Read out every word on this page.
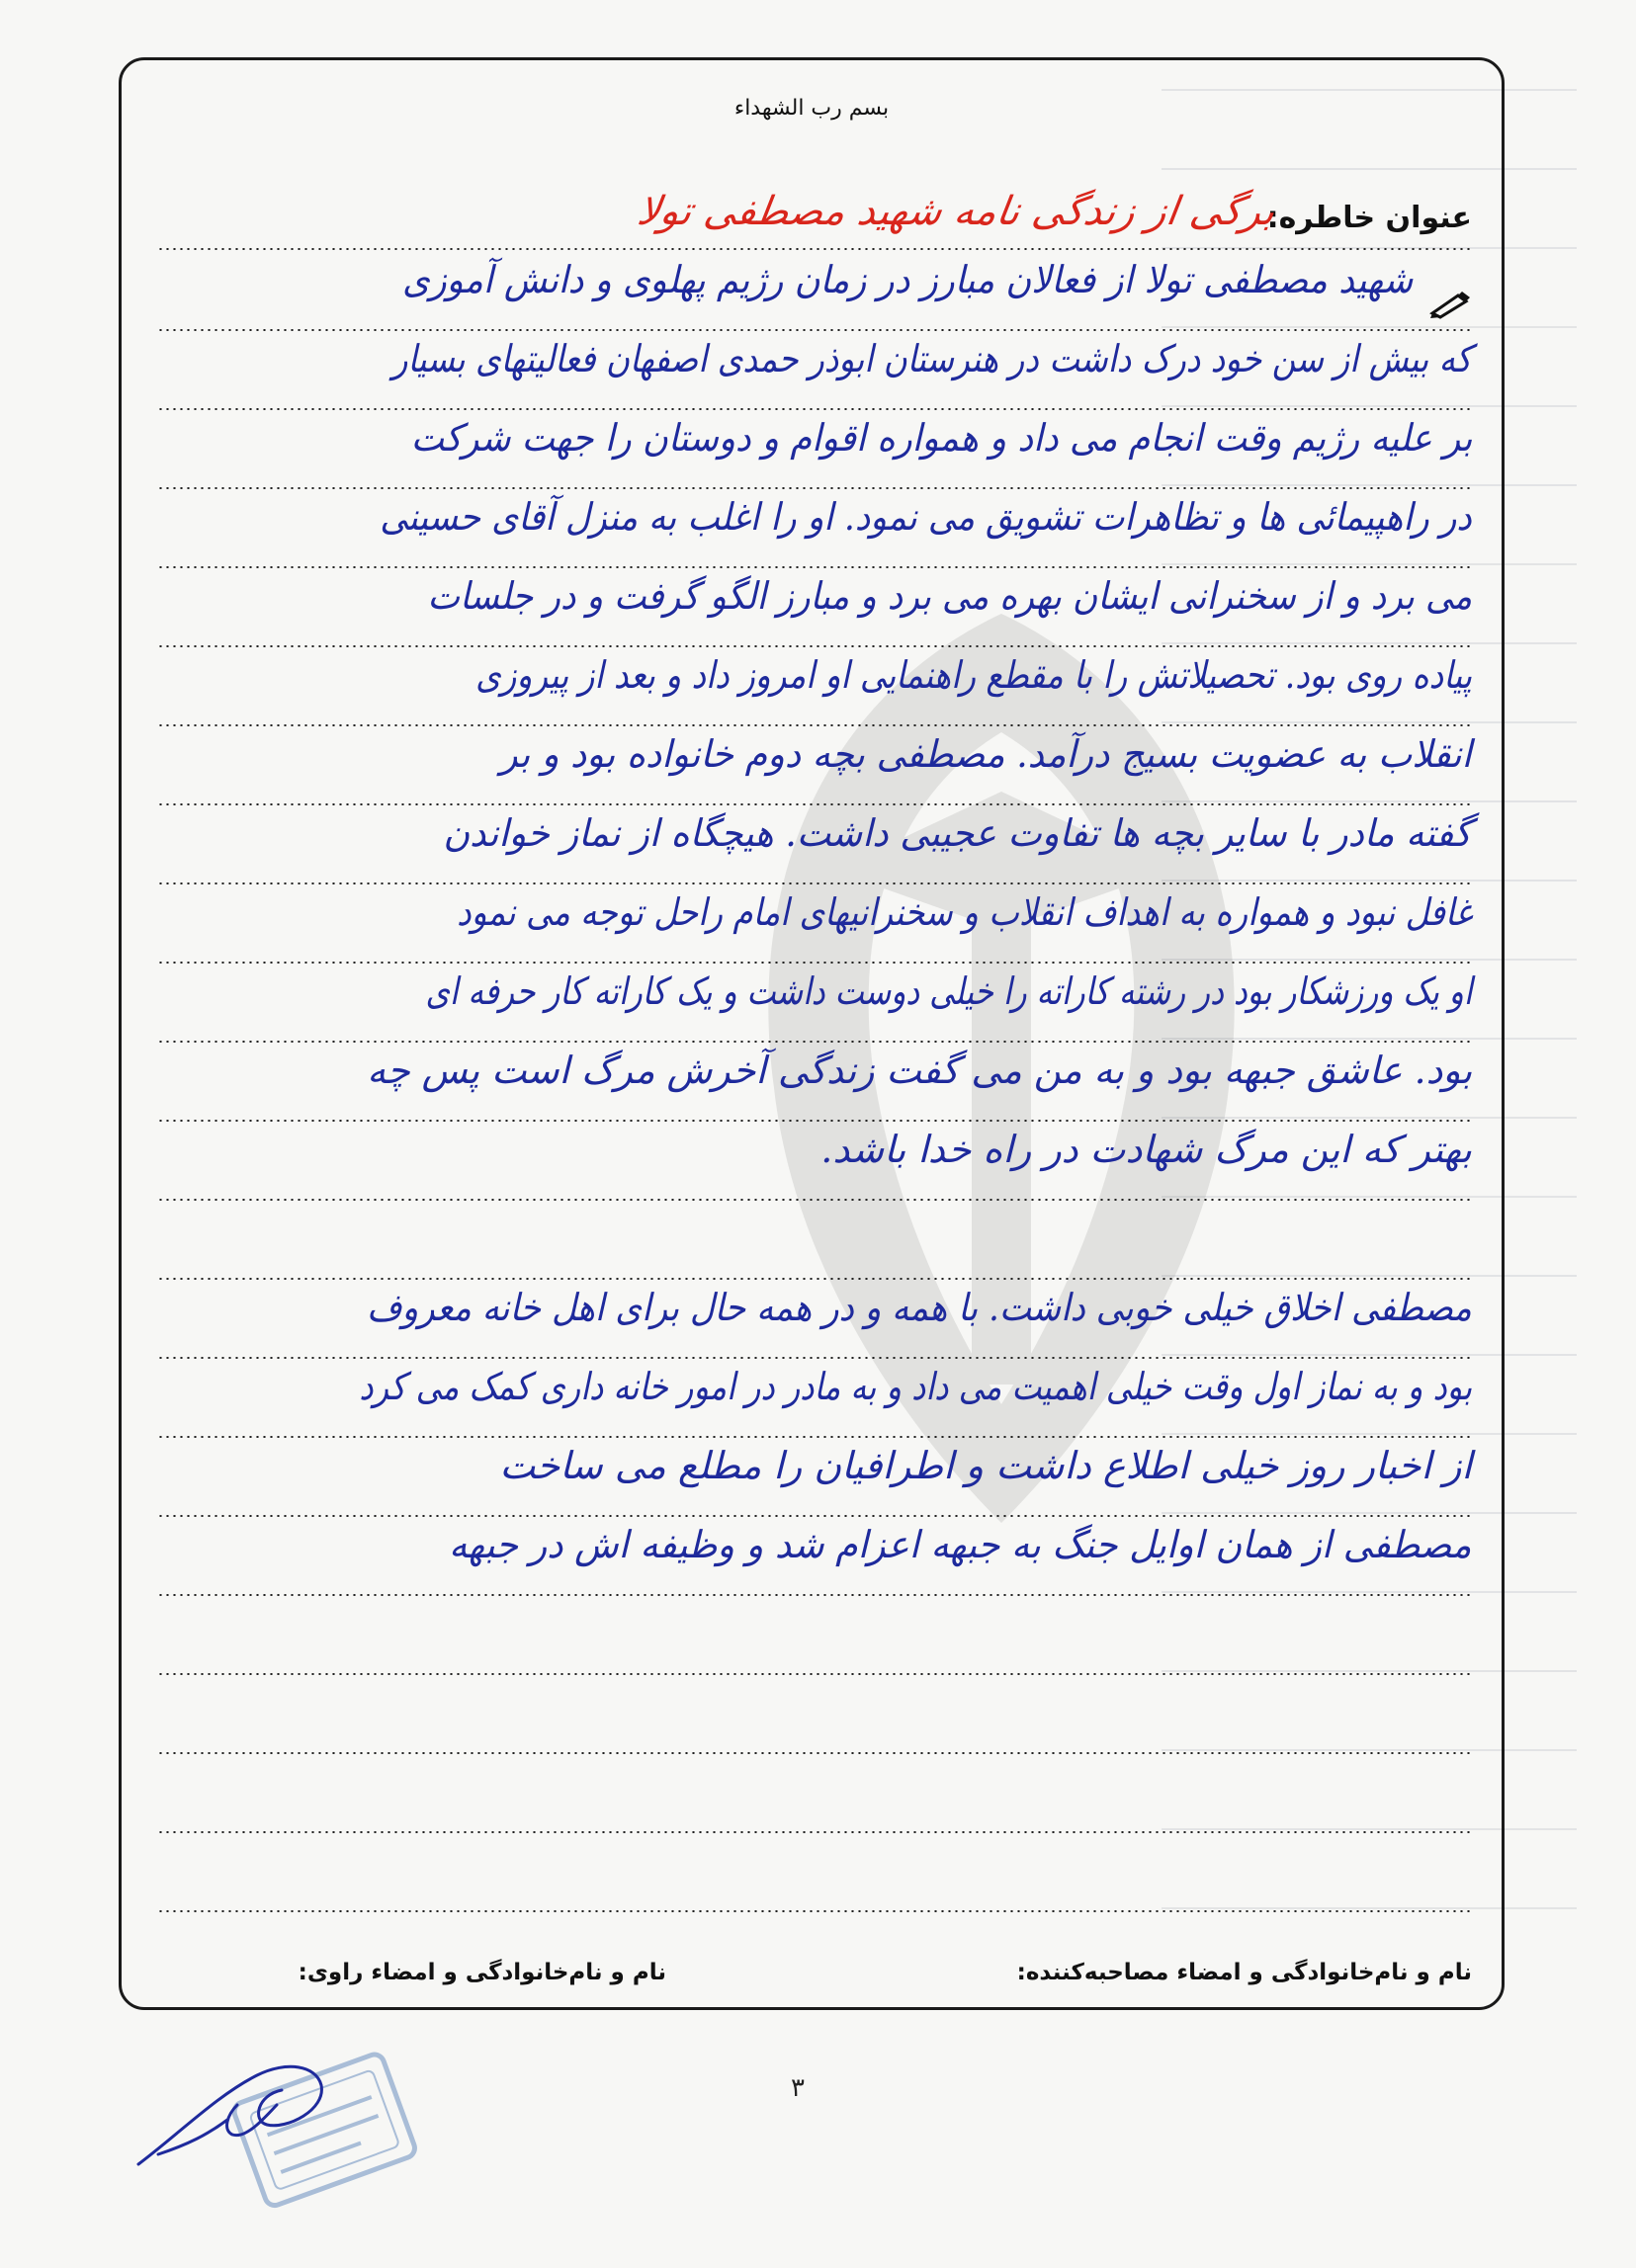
بسم رب الشهداء
عنوان خاطره:
برگی از زندگی نامه شهید مصطفی تولا
شهید مصطفی تولا از فعالان مبارز در زمان رژیم پهلوی و دانش آموزی
که بیش از سن خود درک داشت در هنرستان ابوذر حمدی اصفهان فعالیتهای بسیار
بر علیه رژیم وقت انجام می داد و همواره اقوام و دوستان را جهت شرکت
در راهپیمائی ها و تظاهرات تشویق می نمود. او را اغلب به منزل آقای حسینی
می برد و از سخنرانی ایشان بهره می برد و مبارز الگو گرفت و در جلسات
پیاده روی بود. تحصیلاتش را با مقطع راهنمایی او امروز داد و بعد از پیروزی
انقلاب به عضویت بسیج درآمد. مصطفی بچه دوم خانواده بود و بر
گفته مادر با سایر بچه ها تفاوت عجیبی داشت. هیچگاه از نماز خواندن
غافل نبود و همواره به اهداف انقلاب و سخنرانیهای امام راحل توجه می نمود
او یک ورزشکار بود در رشته کاراته را خیلی دوست داشت و یک کاراته کار حرفه ای
بود. عاشق جبهه بود و به من می گفت زندگی آخرش مرگ است پس چه
بهتر که این مرگ شهادت در راه خدا باشد.
مصطفی اخلاق خیلی خوبی داشت. با همه و در همه حال برای اهل خانه معروف
بود و به نماز اول وقت خیلی اهمیت می داد و به مادر در امور خانه داری کمک می کرد
از اخبار روز خیلی اطلاع داشت و اطرافیان را مطلع می ساخت
مصطفی از همان اوایل جنگ به جبهه اعزام شد و وظیفه اش در جبهه
نام و نام‌خانوادگی و امضاء مصاحبه‌کننده:
نام و نام‌خانوادگی و امضاء راوی:
۳
